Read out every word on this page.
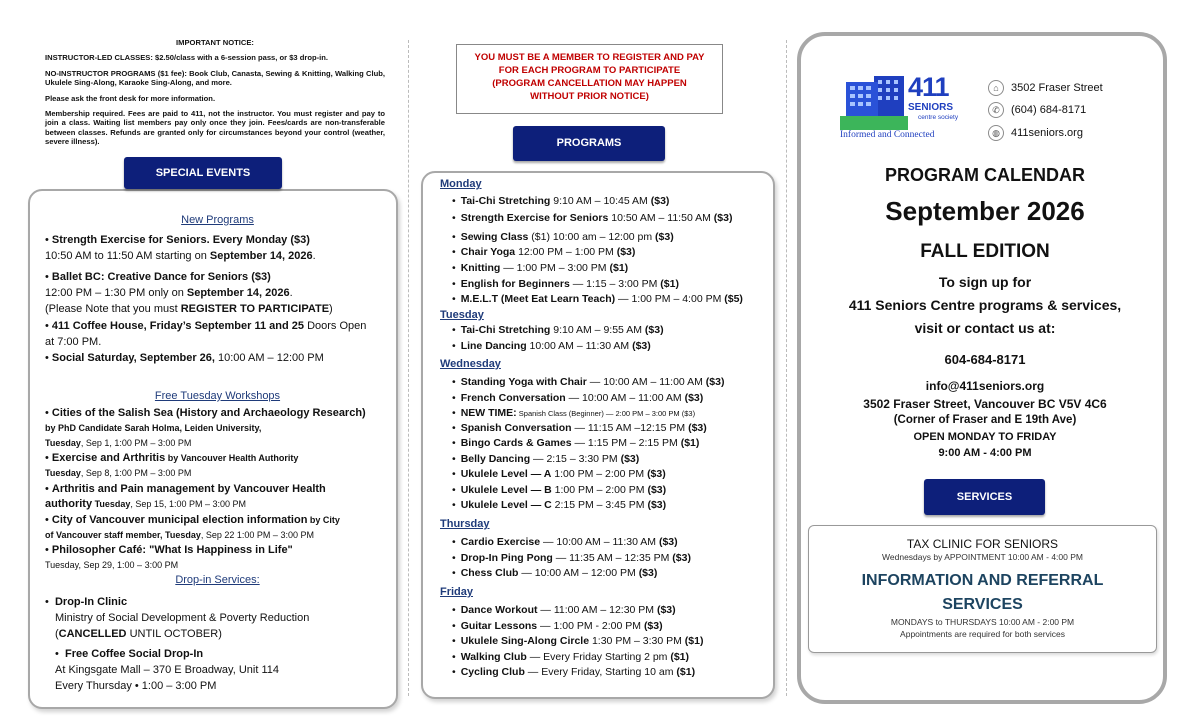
IMPORTANT NOTICE:

INSTRUCTOR-LED CLASSES: $2.50/class with a 6-session pass, or $3 drop-in.

NO-INSTRUCTOR PROGRAMS ($1 fee): Book Club, Canasta, Sewing & Knitting, Walking Club, Ukulele Sing-Along, Karaoke Sing-Along, and more.

Please ask the front desk for more information.

Membership required. Fees are paid to 411, not the instructor. You must register and pay to join a class. Waiting list members pay only once they join. Fees/cards are non-transferable between classes. Refunds are granted only for circumstances beyond your control (weather, severe illness).

SPECIAL EVENTS
New Programs
• Strength Exercise for Seniors. Every Monday ($3)
10:50 AM to 11:50 AM starting on September 14, 2026.
• Ballet BC: Creative Dance for Seniors ($3)
12:00 PM – 1:30 PM only on September 14, 2026.
(Please Note that you must REGISTER TO PARTICIPATE)
• 411 Coffee House, Friday’s September 11 and 25 Doors Open
at 7:00 PM.
• Social Saturday, September 26, 10:00 AM – 12:00 PM
Free Tuesday Workshops
• Cities of the Salish Sea (History and Archaeology Research)
by PhD Candidate Sarah Holma, Leiden University,
Tuesday, Sep 1, 1:00 PM – 3:00 PM
• Exercise and Arthritis by Vancouver Health Authority
Tuesday, Sep 8, 1:00 PM – 3:00 PM
• Arthritis and Pain management by Vancouver Health
authority Tuesday, Sep 15, 1:00 PM – 3:00 PM
• City of Vancouver municipal election information by City
of Vancouver staff member, Tuesday, Sep 22 1:00 PM – 3:00 PM
• Philosopher Café: "What Is Happiness in Life"
Tuesday, Sep 29, 1:00 – 3:00 PM
Drop-in Services:
•  Drop-In Clinic
Ministry of Social Development & Poverty Reduction
(CANCELLED UNTIL OCTOBER)
•  Free Coffee Social Drop-In
At Kingsgate Mall – 370 E Broadway, Unit 114
Every Thursday • 1:00 – 3:00 PM
YOU MUST BE A MEMBER TO REGISTER AND PAY
FOR EACH PROGRAM TO PARTICIPATE
(PROGRAM CANCELLATION MAY HAPPEN
WITHOUT PRIOR NOTICE)
PROGRAMS
Monday
• Tai-Chi Stretching 9:10 AM – 10:45 AM ($3)
• Strength Exercise for Seniors 10:50 AM – 11:50 AM ($3)
• Sewing Class ($1) 10:00 am – 12:00 pm ($3)
• Chair Yoga 12:00 PM – 1:00 PM ($3)
• Knitting — 1:00 PM – 3:00 PM ($1)
• English for Beginners — 1:15 – 3:00 PM ($1)
• M.E.L.T (Meet Eat Learn Teach) — 1:00 PM – 4:00 PM ($5)
Tuesday
• Tai-Chi Stretching 9:10 AM – 9:55 AM ($3)
• Line Dancing 10:00 AM – 11:30 AM ($3)
Wednesday
• Standing Yoga with Chair — 10:00 AM – 11:00 AM ($3)
• French Conversation — 10:00 AM – 11:00 AM ($3)
• NEW TIME: Spanish Class (Beginner) — 2:00 PM – 3:00 PM ($3)
• Spanish Conversation — 11:15 AM –12:15 PM ($3)
• Bingo Cards & Games — 1:15 PM – 2:15 PM ($1)
• Belly Dancing — 2:15 – 3:30 PM ($3)
• Ukulele Level — A 1:00 PM – 2:00 PM ($3)
• Ukulele Level — B 1:00 PM – 2:00 PM ($3)
• Ukulele Level — C 2:15 PM – 3:45 PM ($3)
Thursday
• Cardio Exercise — 10:00 AM – 11:30 AM ($3)
• Drop-In Ping Pong — 11:35 AM – 12:35 PM ($3)
• Chess Club — 10:00 AM – 12:00 PM ($3)
Friday
• Dance Workout — 11:00 AM – 12:30 PM ($3)
• Guitar Lessons — 1:00 PM - 2:00 PM ($3)
• Ukulele Sing-Along Circle 1:30 PM – 3:30 PM ($1)
• Walking Club — Every Friday Starting 2 pm ($1)
• Cycling Club — Every Friday, Starting 10 am ($1)
411
SENIORS
centre society
Informed and Connected
⌂	3502 Fraser Street
✆	(604) 684-8171
◍	411seniors.org
PROGRAM CALENDAR
September 2026
FALL EDITION
To sign up for
411 Seniors Centre programs & services,
visit or contact us at:
604-684-8171
info@411seniors.org
3502 Fraser Street, Vancouver BC V5V 4C6
(Corner of Fraser and E 19th Ave)
OPEN MONDAY TO FRIDAY
9:00 AM - 4:00 PM
SERVICES
TAX CLINIC FOR SENIORS
Wednesdays by APPOINTMENT 10:00 AM - 4:00 PM
INFORMATION AND REFERRAL
SERVICES
MONDAYS to THURSDAYS 10:00 AM - 2:00 PM
Appointments are required for both services
